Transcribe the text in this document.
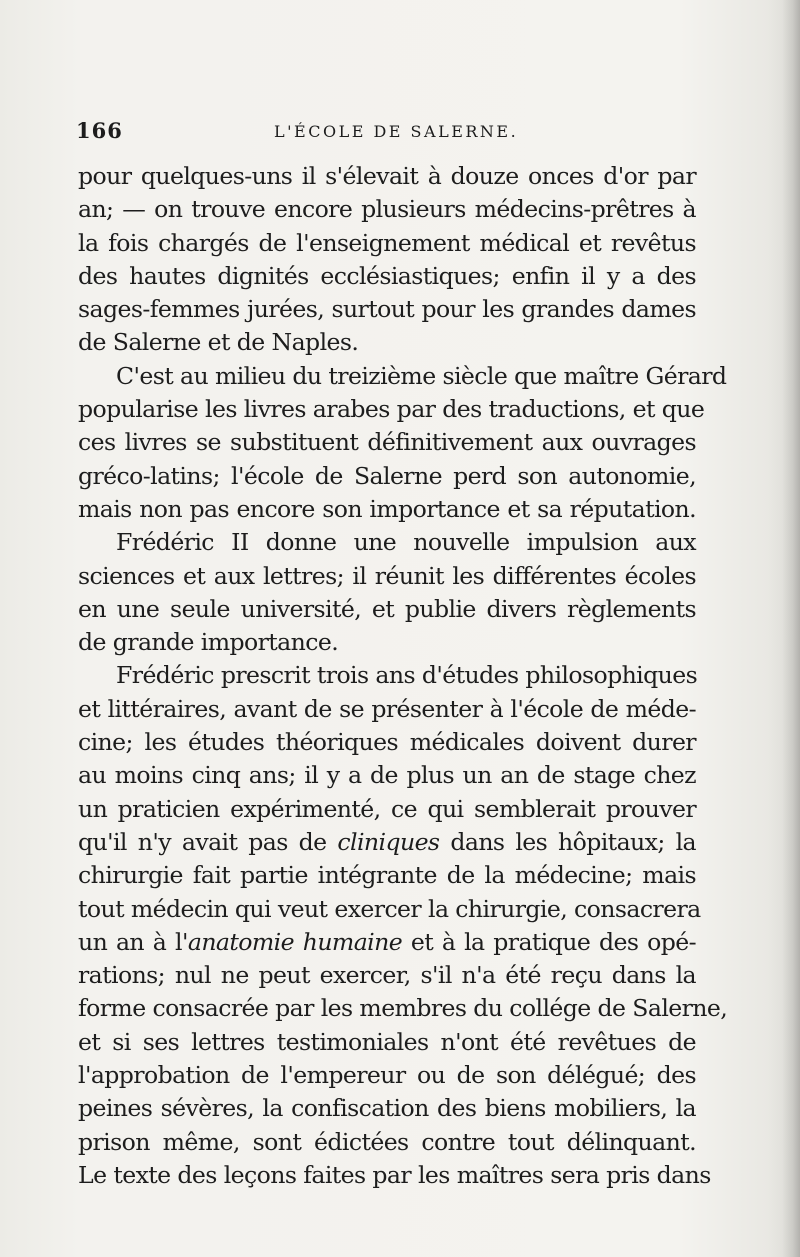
166	L'ÉCOLE DE SALERNE.

pour quelques-uns il s'élevait à douze onces d'or par
an; — on trouve encore plusieurs médecins-prêtres à
la fois chargés de l'enseignement médical et revêtus
des hautes dignités ecclésiastiques; enfin il y a des
sages-femmes jurées, surtout pour les grandes dames
de Salerne et de Naples.

C'est au milieu du treizième siècle que maître Gérard
popularise les livres arabes par des traductions, et que
ces livres se substituent définitivement aux ouvrages
gréco-latins; l'école de Salerne perd son autonomie,
mais non pas encore son importance et sa réputation.

Frédéric II donne une nouvelle impulsion aux
sciences et aux lettres; il réunit les différentes écoles
en une seule université, et publie divers règlements
de grande importance.

Frédéric prescrit trois ans d'études philosophiques
et littéraires, avant de se présenter à l'école de méde-
cine; les études théoriques médicales doivent durer
au moins cinq ans; il y a de plus un an de stage chez
un praticien expérimenté, ce qui semblerait prouver
qu'il n'y avait pas de cliniques dans les hôpitaux; la
chirurgie fait partie intégrante de la médecine; mais
tout médecin qui veut exercer la chirurgie, consacrera
un an à l'anatomie humaine et à la pratique des opé-
rations; nul ne peut exercer, s'il n'a été reçu dans la
forme consacrée par les membres du collége de Salerne,
et si ses lettres testimoniales n'ont été revêtues de
l'approbation de l'empereur ou de son délégué; des
peines sévères, la confiscation des biens mobiliers, la
prison même, sont édictées contre tout délinquant.
Le texte des leçons faites par les maîtres sera pris dans
